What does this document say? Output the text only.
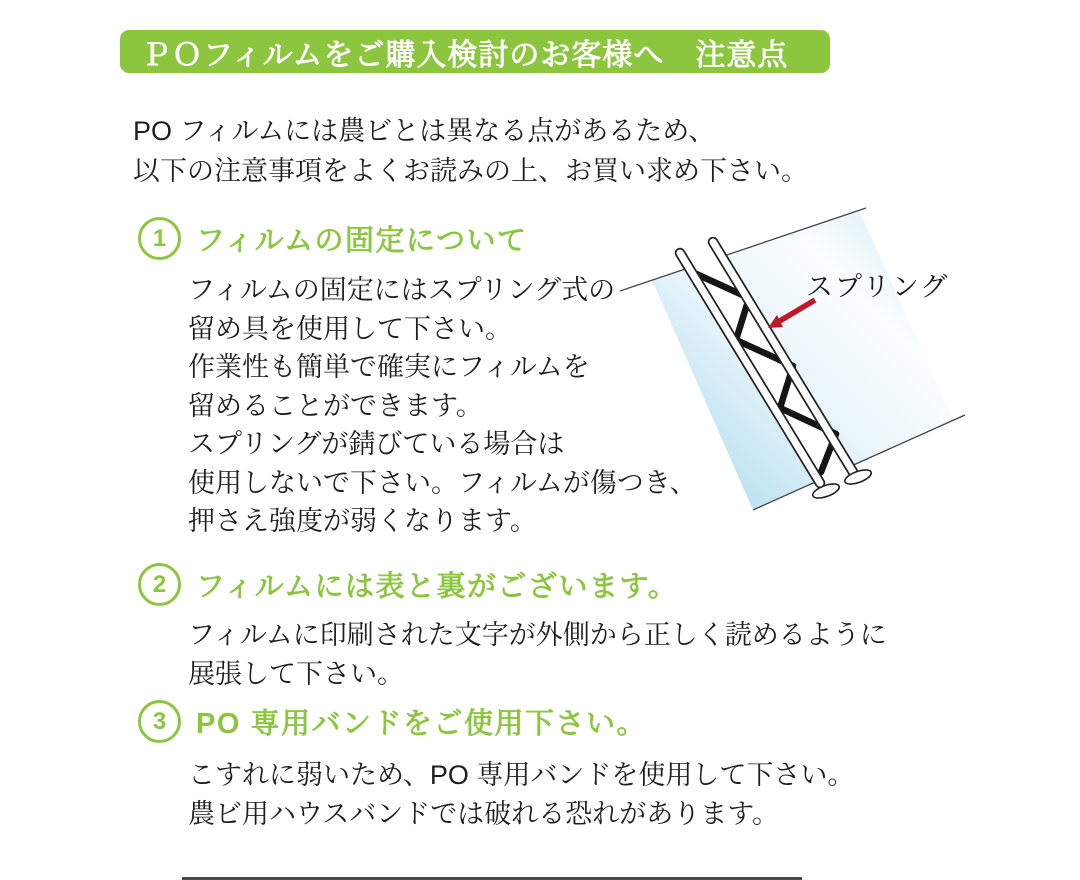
ＰＯフィルムをご購入検討のお客様へ　注意点
PO フィルムには農ビとは異なる点があるため、
以下の注意事項をよくお読みの上、お買い求め下さい。
1 フィルムの固定について
フィルムの固定にはスプリング式の
留め具を使用して下さい。
作業性も簡単で確実にフィルムを
留めることができます。
スプリングが錆びている場合は
使用しないで下さい。フィルムが傷つき、
押さえ強度が弱くなります。
スプリング
2 フィルムには表と裏がございます。
フィルムに印刷された文字が外側から正しく読めるように
展張して下さい。
3 PO 専用バンドをご使用下さい。
こすれに弱いため、PO 専用バンドを使用して下さい。
農ビ用ハウスバンドでは破れる恐れがあります。
